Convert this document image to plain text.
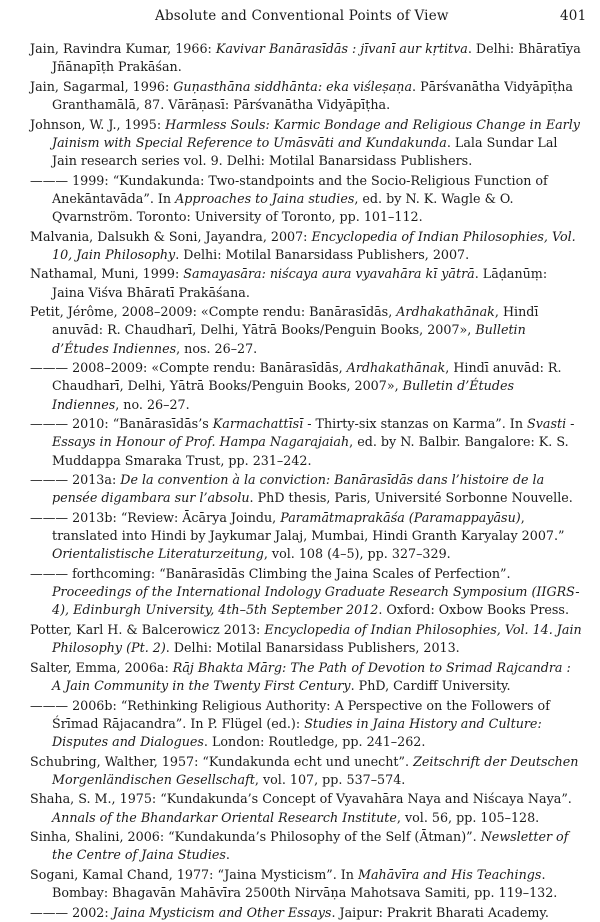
Absolute and Conventional Points of View	401
Jain, Ravindra Kumar, 1966: Kavivar Banārasīdās : jīvanī aur kṛtitva. Delhi: Bhāratīya Jñānapīṭh Prakāśan.
Jain, Sagarmal, 1996: Guṇasthāna siddhānta: eka viśleṣaṇa. Pārśvanātha Vidyāpīṭha Granthamālā, 87. Vārāṇasī: Pārśvanātha Vidyāpīṭha.
Johnson, W. J., 1995: Harmless Souls: Karmic Bondage and Religious Change in Early Jainism with Special Reference to Umāsvāti and Kundakunda. Lala Sundar Lal Jain research series vol. 9. Delhi: Motilal Banarsidass Publishers.
——— 1999: “Kundakunda: Two-standpoints and the Socio-Religious Function of Anekāntavāda”. In Approaches to Jaina studies, ed. by N. K. Wagle & O. Qvarnström. Toronto: University of Toronto, pp. 101–112.
Malvania, Dalsukh & Soni, Jayandra, 2007: Encyclopedia of Indian Philosophies, Vol. 10, Jain Philosophy. Delhi: Motilal Banarsidass Publishers, 2007.
Nathamal, Muni, 1999: Samayasāra: niścaya aura vyavahāra kī yātrā. Lāḍanūṃ: Jaina Viśva Bhāratī Prakāśana.
Petit, Jérôme, 2008–2009: «Compte rendu: Banārasīdās, Ardhakathānak, Hindī anuvād: R. Chaudharī, Delhi, Yātrā Books/Penguin Books, 2007», Bulletin d’Études Indiennes, nos. 26–27.
——— 2008–2009: «Compte rendu: Banārasīdās, Ardhakathānak, Hindī anuvād: R. Chaudharī, Delhi, Yātrā Books/Penguin Books, 2007», Bulletin d’Études Indiennes, no. 26–27.
——— 2010: “Banārasīdās’s Karmachattīsī - Thirty-six stanzas on Karma”. In Svasti - Essays in Honour of Prof. Hampa Nagarajaiah, ed. by N. Balbir. Bangalore: K. S. Muddappa Smaraka Trust, pp. 231–242.
——— 2013a: De la convention à la conviction: Banārasīdās dans l’histoire de la pensée digambara sur l’absolu. PhD thesis, Paris, Université Sorbonne Nouvelle.
——— 2013b: “Review: Ācārya Joindu, Paramātmaprakāśa (Paramappayāsu), translated into Hindi by Jaykumar Jalaj, Mumbai, Hindi Granth Karyalay 2007.” Orientalistische Literaturzeitung, vol. 108 (4–5), pp. 327–329.
——— forthcoming: “Banārasīdās Climbing the Jaina Scales of Perfection”. Proceedings of the International Indology Graduate Research Symposium (IIGRS-4), Edinburgh University, 4th–5th September 2012. Oxford: Oxbow Books Press.
Potter, Karl H. & Balcerowicz 2013: Encyclopedia of Indian Philosophies, Vol. 14. Jain Philosophy (Pt. 2). Delhi: Motilal Banarsidass Publishers, 2013.
Salter, Emma, 2006a: Rāj Bhakta Mārg: The Path of Devotion to Srimad Rajcandra : A Jain Community in the Twenty First Century. PhD, Cardiff University.
——— 2006b: “Rethinking Religious Authority: A Perspective on the Followers of Śrīmad Rājacandra”. In P. Flügel (ed.): Studies in Jaina History and Culture: Disputes and Dialogues. London: Routledge, pp. 241–262.
Schubring, Walther, 1957: “Kundakunda echt und unecht”. Zeitschrift der Deutschen Morgenländischen Gesellschaft, vol. 107, pp. 537–574.
Shaha, S. M., 1975: “Kundakunda’s Concept of Vyavahāra Naya and Niścaya Naya”. Annals of the Bhandarkar Oriental Research Institute, vol. 56, pp. 105–128.
Sinha, Shalini, 2006: “Kundakunda’s Philosophy of the Self (Ātman)”. Newsletter of the Centre of Jaina Studies.
Sogani, Kamal Chand, 1977: “Jaina Mysticism”. In Mahāvīra and His Teachings. Bombay: Bhagavān Mahāvīra 2500th Nirvāṇa Mahotsava Samiti, pp. 119–132.
——— 2002: Jaina Mysticism and Other Essays. Jaipur: Prakrit Bharati Academy.
